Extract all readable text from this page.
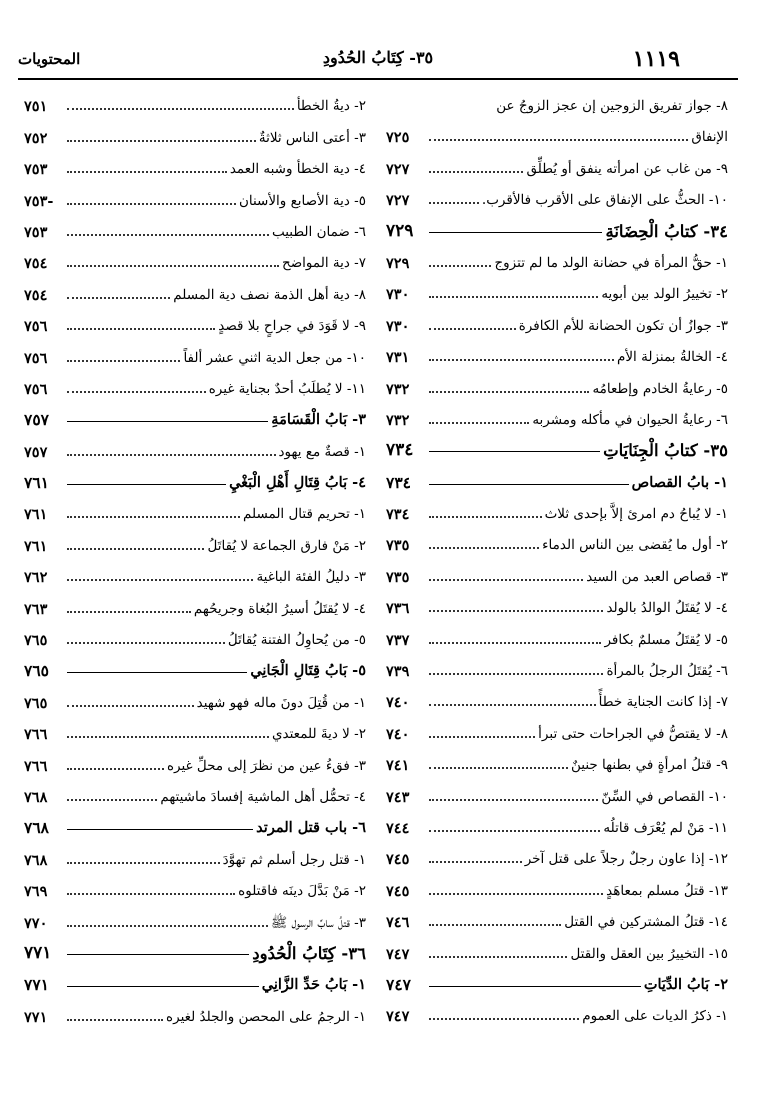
١١١٩
٣٥- كِتَابُ الحُدُودِ
المحتويات
٨- جواز تفريق الزوجين إن عجز الزوجُ عن
الإنفاق
٧٢٥
٩- من غاب عن امرأته ينفق أو يُطلِّق
٧٢٧
١٠- الحثُّ على الإنفاق على الأقرب فالأقرب.
٧٢٧
٣٤- كتابُ الْحِضَانَةِ
٧٢٩
١- حقُّ المرأة في حضانة الولد ما لم تتزوج
٧٢٩
٢- تخييرُ الولد بين أبويه
٧٣٠
٣- جوازُ أن تكون الحضانة للأم الكافرة
٧٣٠
٤- الخالةُ بمنزلة الأم
٧٣١
٥- رعايةُ الخادم وإطعامُه
٧٣٢
٦- رعايةُ الحيوان في مأكله ومشربه
٧٣٢
٣٥- كتابُ الْجِنَايَاتِ
٧٣٤
١- بابُ القصاص
٧٣٤
١- لا يُباحُ دم امرئ إلاَّ بإحدى ثلاث
٧٣٤
٢- أول ما يُقضى بين الناس الدماء
٧٣٥
٣- قصاص العبد من السيد
٧٣٥
٤- لا يُقتَلُ الوالدُ بالولد
٧٣٦
٥- لا يُقتَلُ مسلمٌ بكافر
٧٣٧
٦- يُقتَلُ الرجلُ بالمرأة
٧٣٩
٧- إذا كانت الجناية خطأً
٧٤٠
٨- لا يقتصُّ في الجراحات حتى تبرأ
٧٤٠
٩- قتلُ امرأةٍ في بطنها جنينٌ
٧٤١
١٠- القصاص في السِّنّ
٧٤٣
١١- مَنْ لم يُعْرَف قاتلُه
٧٤٤
١٢- إذا عاون رجلٌ رجلاً على قتل آخر
٧٤٥
١٣- قتلُ مسلم بمعاهَدٍ
٧٤٥
١٤- قتلُ المشتركين في القتل
٧٤٦
١٥- التخييرُ بين العقل والقتل
٧٤٧
٢- بَابُ الدِّيَاتِ
٧٤٧
١- ذكرُ الديات على العموم
٧٤٧
٢- ديةُ الخطأ
٧٥١
٣- أعتى الناس ثلاثةٌ
٧٥٢
٤- دية الخطأ وشبه العمد
٧٥٣
٥- دية الأصابع والأسنان
٧٥٣-
٦- ضمان الطبيب
٧٥٣
٧- دية المواضح
٧٥٤
٨- دية أهل الذمة نصف دية المسلم
٧٥٤
٩- لا قَوَدَ في جراحٍ بلا قصدٍ
٧٥٦
١٠- من جعل الدية اثني عشر ألفاً
٧٥٦
١١- لا يُطلَبُ أحدٌ بجناية غيره
٧٥٦
٣- بَابُ الْقَسَامَةِ
٧٥٧
١- قصةٌ مع يهود
٧٥٧
٤- بَابُ قِتَالِ أَهْلِ الْبَغْيِ
٧٦١
١- تحريم قتال المسلم
٧٦١
٢- مَنْ فارق الجماعة لا يُقاتَلُ
٧٦١
٣- دليلُ الفئة الباغية
٧٦٢
٤- لا يُقتَلُ أسيرُ البُغاة وجريحُهم
٧٦٣
٥- من يُحاوِلُ الفتنة يُقاتَلُ
٧٦٥
٥- بَابُ قِتَالِ الْجَانِي
٧٦٥
١- من قُتِلَ دونَ ماله فهو شهيد
٧٦٥
٢- لا ديةَ للمعتدي
٧٦٦
٣- فقءُ عين من نظرَ إلى محلِّ غيره
٧٦٦
٤- تحمُّل أهل الماشية إفسادَ ماشيتهم
٧٦٨
٦- باب قتل المرتد
٧٦٨
١- قتل رجل أسلم ثم تهوَّدَ
٧٦٨
٢- مَنْ بَدَّلَ دينَه فاقتلوه
٧٦٩
٣- قتلُ سابِّ الرسول ﷺ
٧٧٠
٣٦- كِتَابُ الْحُدُودِ
٧٧١
١- بَابُ حَدِّ الزَّانِي
٧٧١
١- الرجمُ على المحصن والجلدُ لغيره
٧٧١
